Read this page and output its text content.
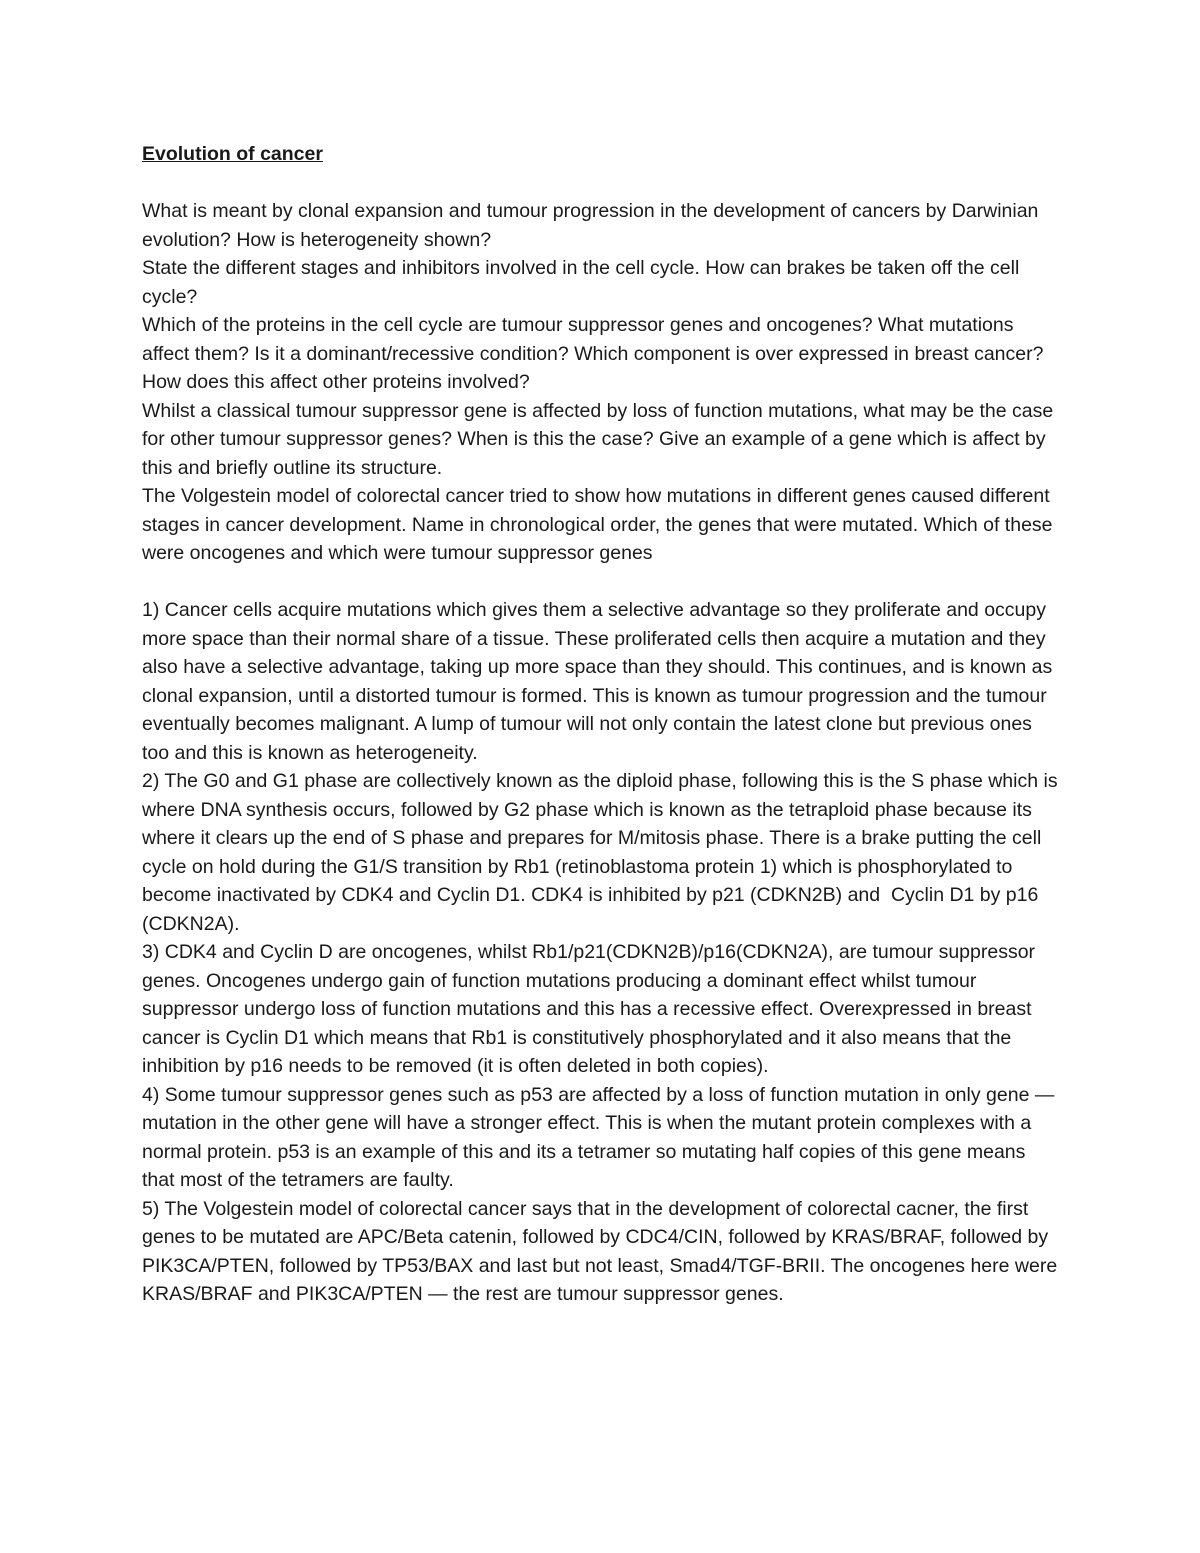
Evolution of cancer

What is meant by clonal expansion and tumour progression in the development of cancers by Darwinian evolution? How is heterogeneity shown?

State the different stages and inhibitors involved in the cell cycle. How can brakes be taken off the cell cycle?

Which of the proteins in the cell cycle are tumour suppressor genes and oncogenes? What mutations affect them? Is it a dominant/recessive condition? Which component is over expressed in breast cancer? How does this affect other proteins involved?

Whilst a classical tumour suppressor gene is affected by loss of function mutations, what may be the case for other tumour suppressor genes? When is this the case? Give an example of a gene which is affect by this and briefly outline its structure.

The Volgestein model of colorectal cancer tried to show how mutations in different genes caused different stages in cancer development. Name in chronological order, the genes that were mutated. Which of these were oncogenes and which were tumour suppressor genes

1) Cancer cells acquire mutations which gives them a selective advantage so they proliferate and occupy more space than their normal share of a tissue. These proliferated cells then acquire a mutation and they also have a selective advantage, taking up more space than they should. This continues, and is known as clonal expansion, until a distorted tumour is formed. This is known as tumour progression and the tumour eventually becomes malignant. A lump of tumour will not only contain the latest clone but previous ones too and this is known as heterogeneity.

2) The G0 and G1 phase are collectively known as the diploid phase, following this is the S phase which is where DNA synthesis occurs, followed by G2 phase which is known as the tetraploid phase because its where it clears up the end of S phase and prepares for M/mitosis phase. There is a brake putting the cell cycle on hold during the G1/S transition by Rb1 (retinoblastoma protein 1) which is phosphorylated to become inactivated by CDK4 and Cyclin D1. CDK4 is inhibited by p21 (CDKN2B) and  Cyclin D1 by p16 (CDKN2A).

3) CDK4 and Cyclin D are oncogenes, whilst Rb1/p21(CDKN2B)/p16(CDKN2A), are tumour suppressor genes. Oncogenes undergo gain of function mutations producing a dominant effect whilst tumour suppressor undergo loss of function mutations and this has a recessive effect. Overexpressed in breast cancer is Cyclin D1 which means that Rb1 is constitutively phosphorylated and it also means that the inhibition by p16 needs to be removed (it is often deleted in both copies).

4) Some tumour suppressor genes such as p53 are affected by a loss of function mutation in only gene — mutation in the other gene will have a stronger effect. This is when the mutant protein complexes with a normal protein. p53 is an example of this and its a tetramer so mutating half copies of this gene means that most of the tetramers are faulty.

5) The Volgestein model of colorectal cancer says that in the development of colorectal cacner, the first genes to be mutated are APC/Beta catenin, followed by CDC4/CIN, followed by KRAS/BRAF, followed by PIK3CA/PTEN, followed by TP53/BAX and last but not least, Smad4/TGF-BRII. The oncogenes here were KRAS/BRAF and PIK3CA/PTEN — the rest are tumour suppressor genes.
